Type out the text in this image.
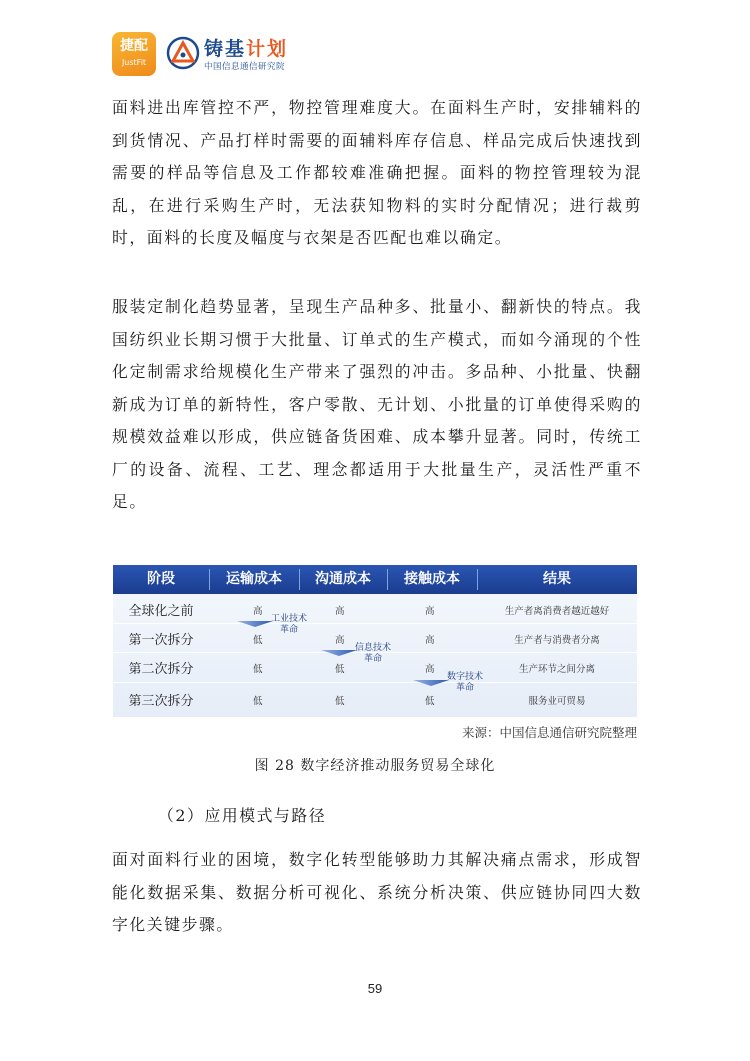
捷配
JustFit
铸基计划
中国信息通信研究院

面料进出库管控不严，物控管理难度大。在面料生产时，安排辅料的到货情况、产品打样时需要的面辅料库存信息、样品完成后快速找到需要的样品等信息及工作都较难准确把握。面料的物控管理较为混乱，在进行采购生产时，无法获知物料的实时分配情况；进行裁剪时，面料的长度及幅度与衣架是否匹配也难以确定。

服装定制化趋势显著，呈现生产品种多、批量小、翻新快的特点。我国纺织业长期习惯于大批量、订单式的生产模式，而如今涌现的个性化定制需求给规模化生产带来了强烈的冲击。多品种、小批量、快翻新成为订单的新特性，客户零散、无计划、小批量的订单使得采购的规模效益难以形成，供应链备货困难、成本攀升显著。同时，传统工厂的设备、流程、工艺、理念都适用于大批量生产，灵活性严重不足。

阶段	运输成本	沟通成本	接触成本	结果
全球化之前	高	高	高	生产者离消费者越近越好
第一次拆分	低	高	高	生产者与消费者分离
第二次拆分	低	低	高	生产环节之间分离
第三次拆分	低	低	低	服务业可贸易
工业技术
革命
信息技术
革命
数字技术
革命
来源：中国信息通信研究院整理
图 28 数字经济推动服务贸易全球化
（2）应用模式与路径

面对面料行业的困境，数字化转型能够助力其解决痛点需求，形成智能化数据采集、数据分析可视化、系统分析决策、供应链协同四大数字化关键步骤。

59
